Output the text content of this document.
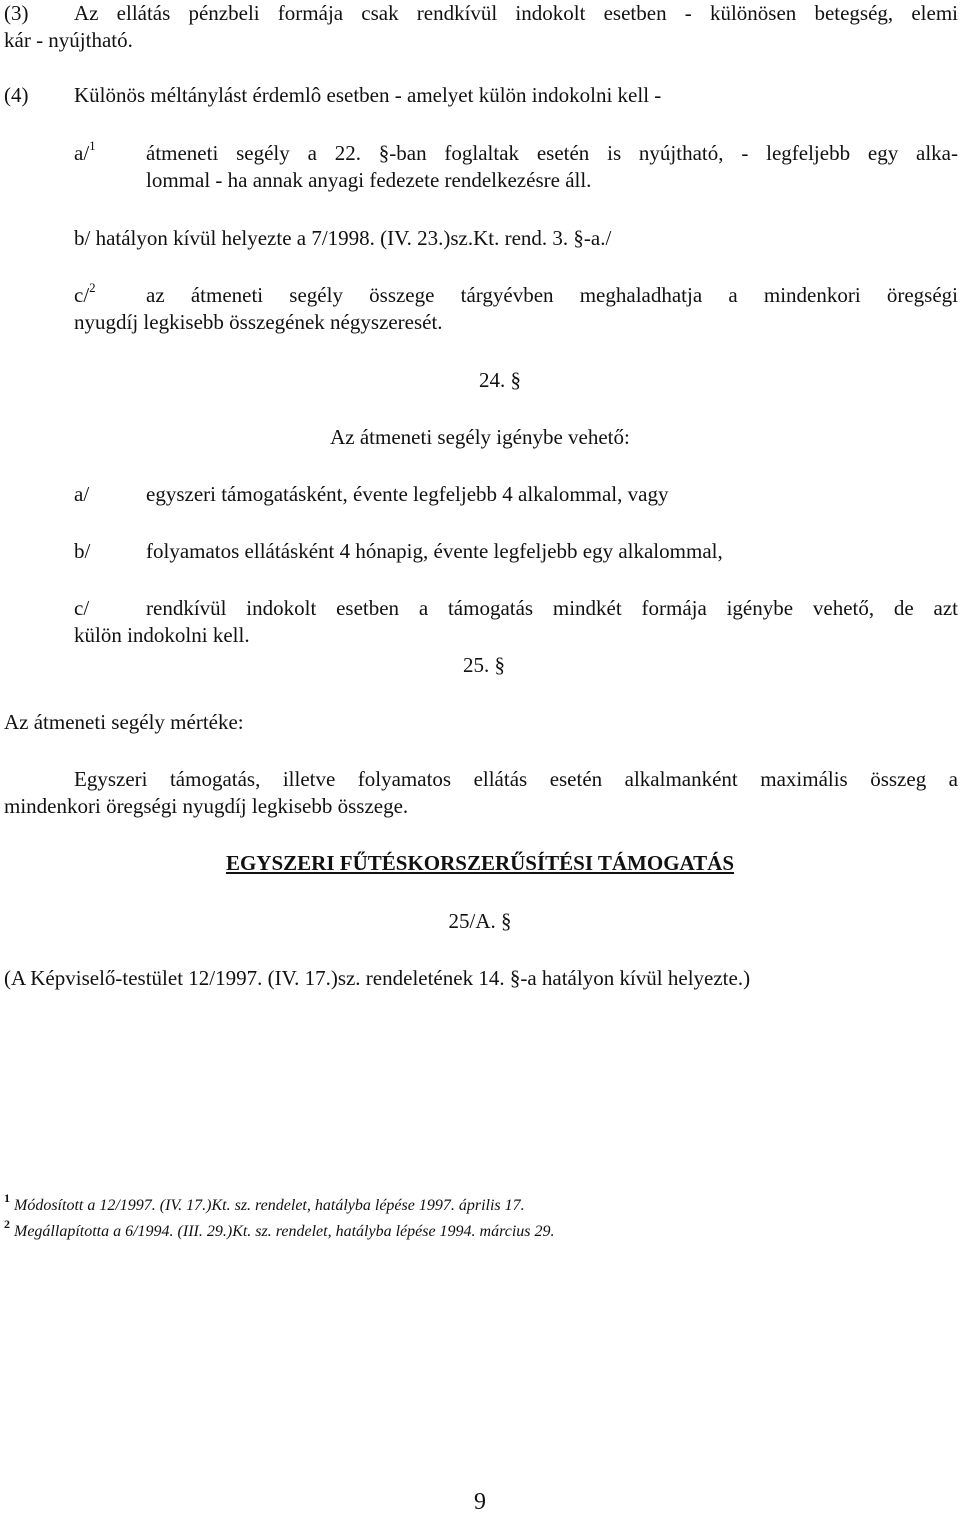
(3) Az ellátás pénzbeli formája csak rendkívül indokolt esetben - különösen betegség, elemi
kár - nyújtható.
(4) Különös méltánylást érdemlô esetben - amelyet külön indokolni kell -
a/$^1$ átmeneti segély a 22. §-ban foglaltak esetén is nyújtható, - legfeljebb egy alka-
lommal - ha annak anyagi fedezete rendelkezésre áll.
b/ hatályon kívül helyezte a 7/1998. (IV. 23.)sz.Kt. rend. 3. §-a./
c/$^2$ az átmeneti segély összege tárgyévben meghaladhatja a mindenkori öregségi
nyugdíj legkisebb összegének négyszeresét.
24. §
Az átmeneti segély igénybe vehető:
a/	egyszeri támogatásként, évente legfeljebb 4 alkalommal, vagy
b/	folyamatos ellátásként 4 hónapig, évente legfeljebb egy alkalommal,
c/	rendkívül indokolt esetben a támogatás mindkét formája igénybe vehető, de azt
külön indokolni kell.
25. §
Az átmeneti segély mértéke:
Egyszeri támogatás, illetve folyamatos ellátás esetén alkalmanként maximális összeg a
mindenkori öregségi nyugdíj legkisebb összege.
EGYSZERI FŰTÉSKORSZERŰSÍTÉSI TÁMOGATÁS
25/A. §
(A Képviselő-testület 12/1997. (IV. 17.)sz. rendeletének 14. §-a hatályon kívül helyezte.)
$^1$ Módosított a 12/1997. (IV. 17.)Kt. sz. rendelet, hatályba lépése 1997. április 17.
$^2$ Megállapította a 6/1994. (III. 29.)Kt. sz. rendelet, hatályba lépése 1994. március 29.
9
